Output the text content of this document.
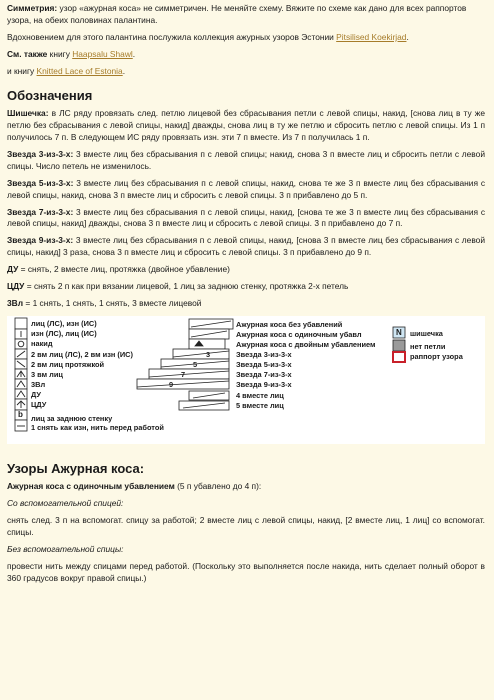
Симметрия: узор «ажурная коса» не симметричен. Не меняйте схему. Вяжите по схеме как дано для всех раппортов узора, на обеих половинах палантина.

Вдохновением для этого палантина послужила коллекция ажурных узоров Эстонии Pitsilised Koekirjad.

См. также книгу Haapsalu Shawl.

и книгу Knitted Lace of Estonia.

Обозначения

Шишечка: в ЛС ряду провязать след. петлю лицевой без сбрасывания петли с левой спицы, накид, [снова лиц в ту же петлю без сбрасывания с левой спицы, накид] дважды, снова лиц в ту же петлю и сбросить петлю с левой спицы. Из 1 п получилось 7 п. В следующем ИС ряду провязать изн. эти 7 п вместе. Из 7 п получилась 1 п.

Звезда 3-из-3-х: 3 вместе лиц без сбрасывания п с левой спицы; накид, снова 3 п вместе лиц и сбросить петли с левой спицы. Число петель не изменилось.

Звезда 5-из-3-х: 3 вместе лиц без сбрасывания п с левой спицы, накид, снова те же 3 п вместе лиц без сбрасывания с левой спицы, накид, снова 3 п вместе лиц и сбросить с левой спицы. 3 п прибавлено до 5 п.

Звезда 7-из-3-х: 3 вместе лиц без сбрасывания п с левой спицы, накид, [снова те же 3 п вместе лиц без сбрасывания с левой спицы, накид] дважды, снова 3 п вместе лиц и сбросить с левой спицы. 3 п прибавлено до 7 п.

Звезда 9-из-3-х: 3 вместе лиц без сбрасывания п с левой спицы, накид, [снова 3 п вместе лиц без сбрасывания с левой спицы, накид] 3 раза, снова 3 п вместе лиц и сбросить с левой спицы. 3 п прибавлено до 9 п.

ДУ = снять, 2 вместе лиц, протяжка (двойное убавление)

ЦДУ = снять 2 п как при вязании лицевой, 1 лиц за заднюю стенку, протяжка 2-х петель

3Вл = 1 снять, 1 снять, 1 снять, 3 вместе лицевой

лиц (ЛС), изн (ИС)
изн (ЛС), лиц (ИС)
накид
2 вм лиц (ЛС), 2 вм изн (ИС)
2 вм лиц протяжкой
3 вм лиц
3Вл
ДУ
ЦДУ
b лиц за заднюю стенку
1 снять как изн, нить перед работой
3
5
7
9
Ажурная коса без убавлений
Ажурная коса с одиночным убавл
Ажурная коса с двойным убавлением
Звезда 3-из-3-х
Звезда 5-из-3-х
Звезда 7-из-3-х
Звезда 9-из-3-х
4 вместе лиц
5 вместе лиц
N шишечка
нет петли
раппорт узора
Узоры Ажурная коса:

Ажурная коса с одиночным убавлением (5 п убавлено до 4 п):

Со вспомогательной спицей:

снять след. 3 п на вспомогат. спицу за работой; 2 вместе лиц с левой спицы, накид, [2 вместе лиц, 1 лиц] со вспомогат. спицы.

Без вспомогательной спицы:

провести нить между спицами перед работой. (Поскольку это выполняется после накида, нить сделает полный оборот в 360 градусов вокруг правой спицы.)
